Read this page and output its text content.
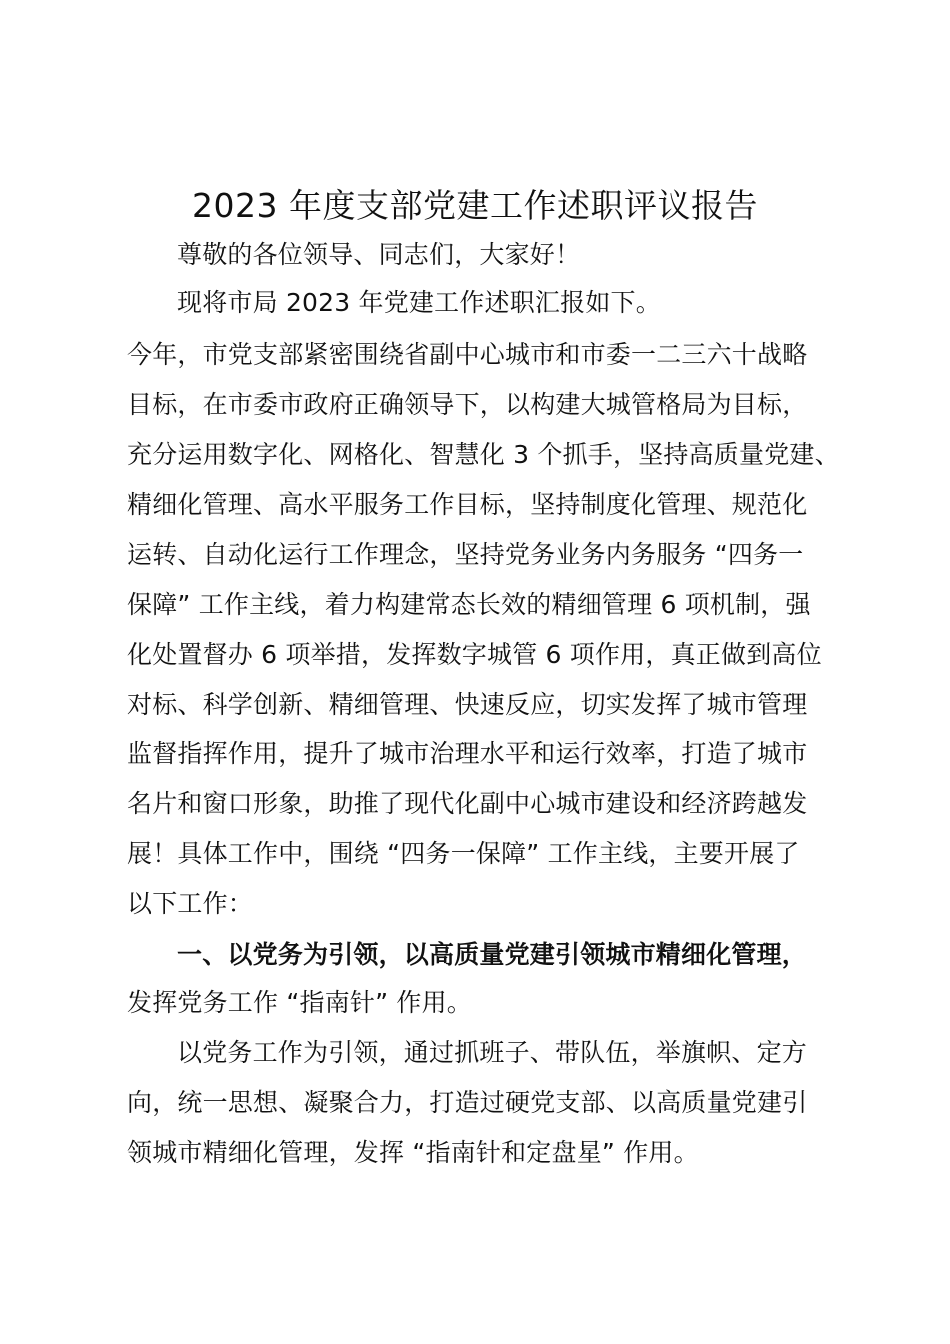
2023 年度支部党建工作述职评议报告
尊敬的各位领导、同志们，大家好！
现将市局 2023 年党建工作述职汇报如下。
今年，市党支部紧密围绕省副中心城市和市委一二三六十战略
目标，在市委市政府正确领导下，以构建大城管格局为目标，
充分运用数字化、网格化、智慧化 3 个抓手，坚持高质量党建、
精细化管理、高水平服务工作目标，坚持制度化管理、规范化
运转、自动化运行工作理念，坚持党务业务内务服务 “四务一
保障” 工作主线，着力构建常态长效的精细管理 6 项机制，强
化处置督办 6 项举措，发挥数字城管 6 项作用，真正做到高位
对标、科学创新、精细管理、快速反应，切实发挥了城市管理
监督指挥作用，提升了城市治理水平和运行效率，打造了城市
名片和窗口形象，助推了现代化副中心城市建设和经济跨越发
展！具体工作中，围绕 “四务一保障” 工作主线，主要开展了
以下工作：
一、以党务为引领，以高质量党建引领城市精细化管理，
发挥党务工作 “指南针” 作用。
以党务工作为引领，通过抓班子、带队伍，举旗帜、定方
向，统一思想、凝聚合力，打造过硬党支部、以高质量党建引
领城市精细化管理，发挥 “指南针和定盘星” 作用。
